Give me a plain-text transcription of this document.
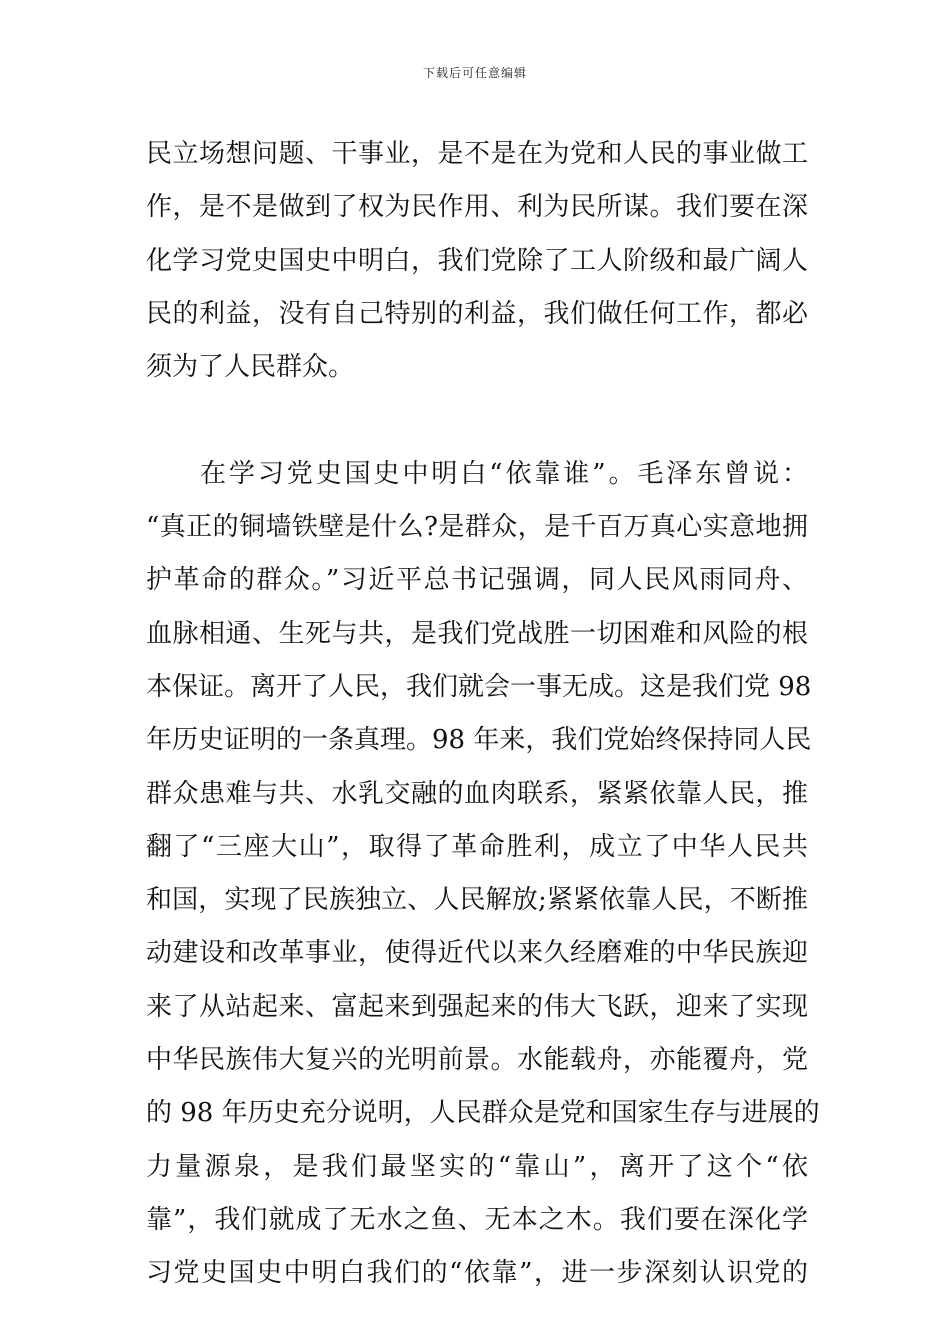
下载后可任意编辑
民立场想问题、干事业，是不是在为党和人民的事业做工
作，是不是做到了权为民作用、利为民所谋。我们要在深
化学习党史国史中明白，我们党除了工人阶级和最广阔人
民的利益，没有自己特别的利益，我们做任何工作，都必
须为了人民群众。
在学习党史国史中明白“依靠谁”。毛泽东曾说：
“真正的铜墙铁壁是什么?是群众，是千百万真心实意地拥
护革命的群众。”习近平总书记强调，同人民风雨同舟、
血脉相通、生死与共，是我们党战胜一切困难和风险的根
本保证。离开了人民，我们就会一事无成。这是我们党 98
年历史证明的一条真理。98 年来，我们党始终保持同人民
群众患难与共、水乳交融的血肉联系，紧紧依靠人民，推
翻了“三座大山”，取得了革命胜利，成立了中华人民共
和国，实现了民族独立、人民解放;紧紧依靠人民，不断推
动建设和改革事业，使得近代以来久经磨难的中华民族迎
来了从站起来、富起来到强起来的伟大飞跃，迎来了实现
中华民族伟大复兴的光明前景。水能载舟，亦能覆舟，党
的 98 年历史充分说明，人民群众是党和国家生存与进展的
力量源泉，是我们最坚实的“靠山”，离开了这个“依
靠”，我们就成了无水之鱼、无本之木。我们要在深化学
习党史国史中明白我们的“依靠”，进一步深刻认识党的
